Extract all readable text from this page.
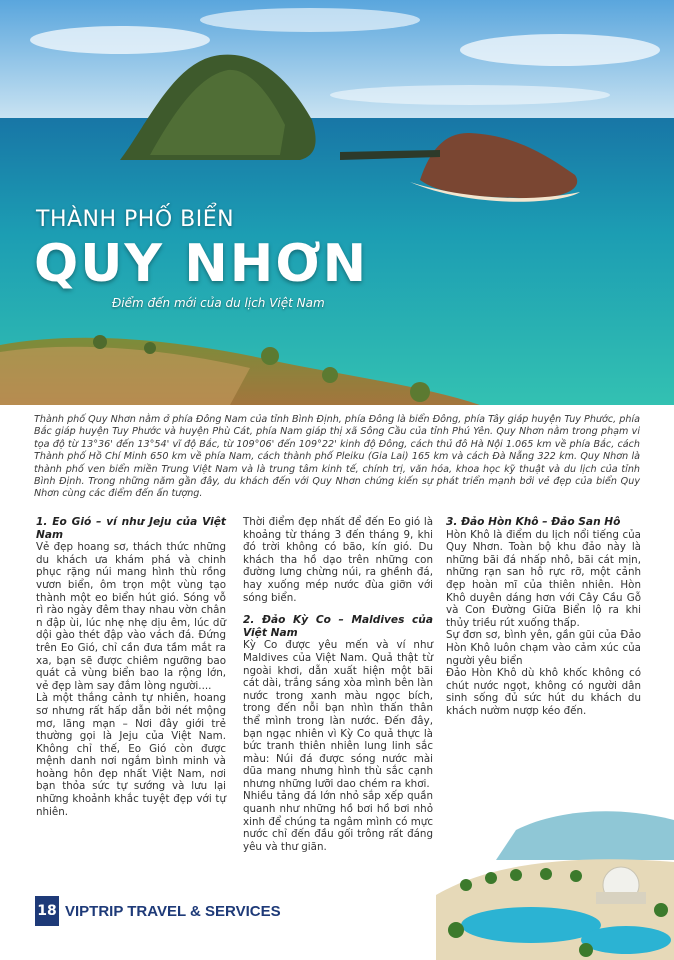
THÀNH PHỐ BIỂN
QUY NHƠN
Điểm đến mới của du lịch Việt Nam
Thành phố Quy Nhơn nằm ở phía Đông Nam của tỉnh Bình Định, phía Đông là biển Đông, phía Tây giáp huyện Tuy Phước, phía Bắc giáp huyện Tuy Phước và huyện Phù Cát, phía Nam giáp thị xã Sông Cầu của tỉnh Phú Yên. Quy Nhơn nằm trong phạm vi tọa độ từ 13°36' đến 13°54' vĩ độ Bắc, từ 109°06' đến 109°22' kinh độ Đông, cách thủ đô Hà Nội 1.065 km về phía Bắc, cách Thành phố Hồ Chí Minh 650 km về phía Nam, cách thành phố Pleiku (Gia Lai) 165 km và cách Đà Nẵng 322 km. Quy Nhơn là thành phố ven biển miền Trung Việt Nam và là trung tâm kinh tế, chính trị, văn hóa, khoa học kỹ thuật và du lịch của tỉnh Bình Định. Trong những năm gần đây, du khách đến với Quy Nhơn chứng kiến sự phát triển mạnh bởi vẻ đẹp của biển Quy Nhơn cùng các điểm đến ấn tượng.
1. Eo Gió – ví như Jeju của Việt Nam

Vẻ đẹp hoang sơ, thách thức những du khách ưa khám phá và chinh phục rặng núi mang hình thù rồng vươn biển, ôm trọn một vùng tạo thành một eo biển hút gió. Sóng vỗ rì rào ngày đêm thay nhau vờn chân n đập ùi, lúc nhẹ nhẹ dịu êm, lúc dữ dội gào thét đập vào vách đá. Đứng trên Eo Gió, chỉ cần đưa tầm mắt ra xa, bạn sẽ được chiêm ngưỡng bao quát cả vùng biển bao la rộng lớn, vẻ đẹp làm say đắm lòng người....

Là một thắng cảnh tự nhiên, hoang sơ nhưng rất hấp dẫn bởi nét mộng mơ, lãng mạn – Nơi đây giới trẻ thường gọi là Jeju của Việt Nam. Không chỉ thế, Eo Gió còn được mệnh danh nơi ngắm bình minh và hoàng hôn đẹp nhất Việt Nam, nơi bạn thỏa sức tự sướng và lưu lại những khoảnh khắc tuyệt đẹp với tự nhiên.

Thời điểm đẹp nhất để đến Eo gió là khoảng từ tháng 3 đến tháng 9, khi đó trời không có bão, kín gió. Du khách tha hồ dạo trên những con đường lưng chừng núi, ra ghềnh đá, hay xuống mép nước đùa giỡn với sóng biển.

2. Đảo Kỳ Co – Maldives của Việt Nam

Kỳ Co được yêu mến và ví như Maldives của Việt Nam. Quả thật từ ngoài khơi, dẫn xuất hiện một bãi cát dài, trắng sáng xòa mình bên làn nước trong xanh màu ngọc bích, trong đến nỗi bạn nhìn thấn thân thể mình trong làn nước. Đến đây, bạn ngạc nhiên vì Kỳ Co quả thực là bức tranh thiên nhiên lung linh sắc màu: Núi đá được sóng nước mài dũa mang nhưng hình thù sắc cạnh nhưng những lưỡi dao chém ra khơi.

Nhiều tảng đá lớn nhỏ sắp xếp quần quanh như những hồ bơi hồ bơi nhỏ xinh để chúng ta ngâm mình có mực nước chỉ đến đầu gối trông rất đáng yêu và thư giãn.

3. Đảo Hòn Khô – Đảo San Hô

Hòn Khô là điểm du lịch nổi tiếng của Quy Nhơn. Toàn bộ khu đảo này là những bãi đá nhấp nhô, bãi cát mịn, những rạn san hô rực rỡ, một cảnh đẹp hoàn mĩ của thiên nhiên. Hòn Khô duyên dáng hơn với Cây Cầu Gỗ và Con Đường Giữa Biển lộ ra khi thủy triều rút xuống thấp.

Sự đơn sơ, bình yên, gần gũi của Đảo Hòn Khô luôn chạm vào cảm xúc của người yêu biển

Đảo Hòn Khô dù khô khốc không có chút nước ngọt, không có người dân sinh sống đủ sức hút du khách du khách nườm nượp kéo đến.

18 VIPTRIP TRAVEL & SERVICES
